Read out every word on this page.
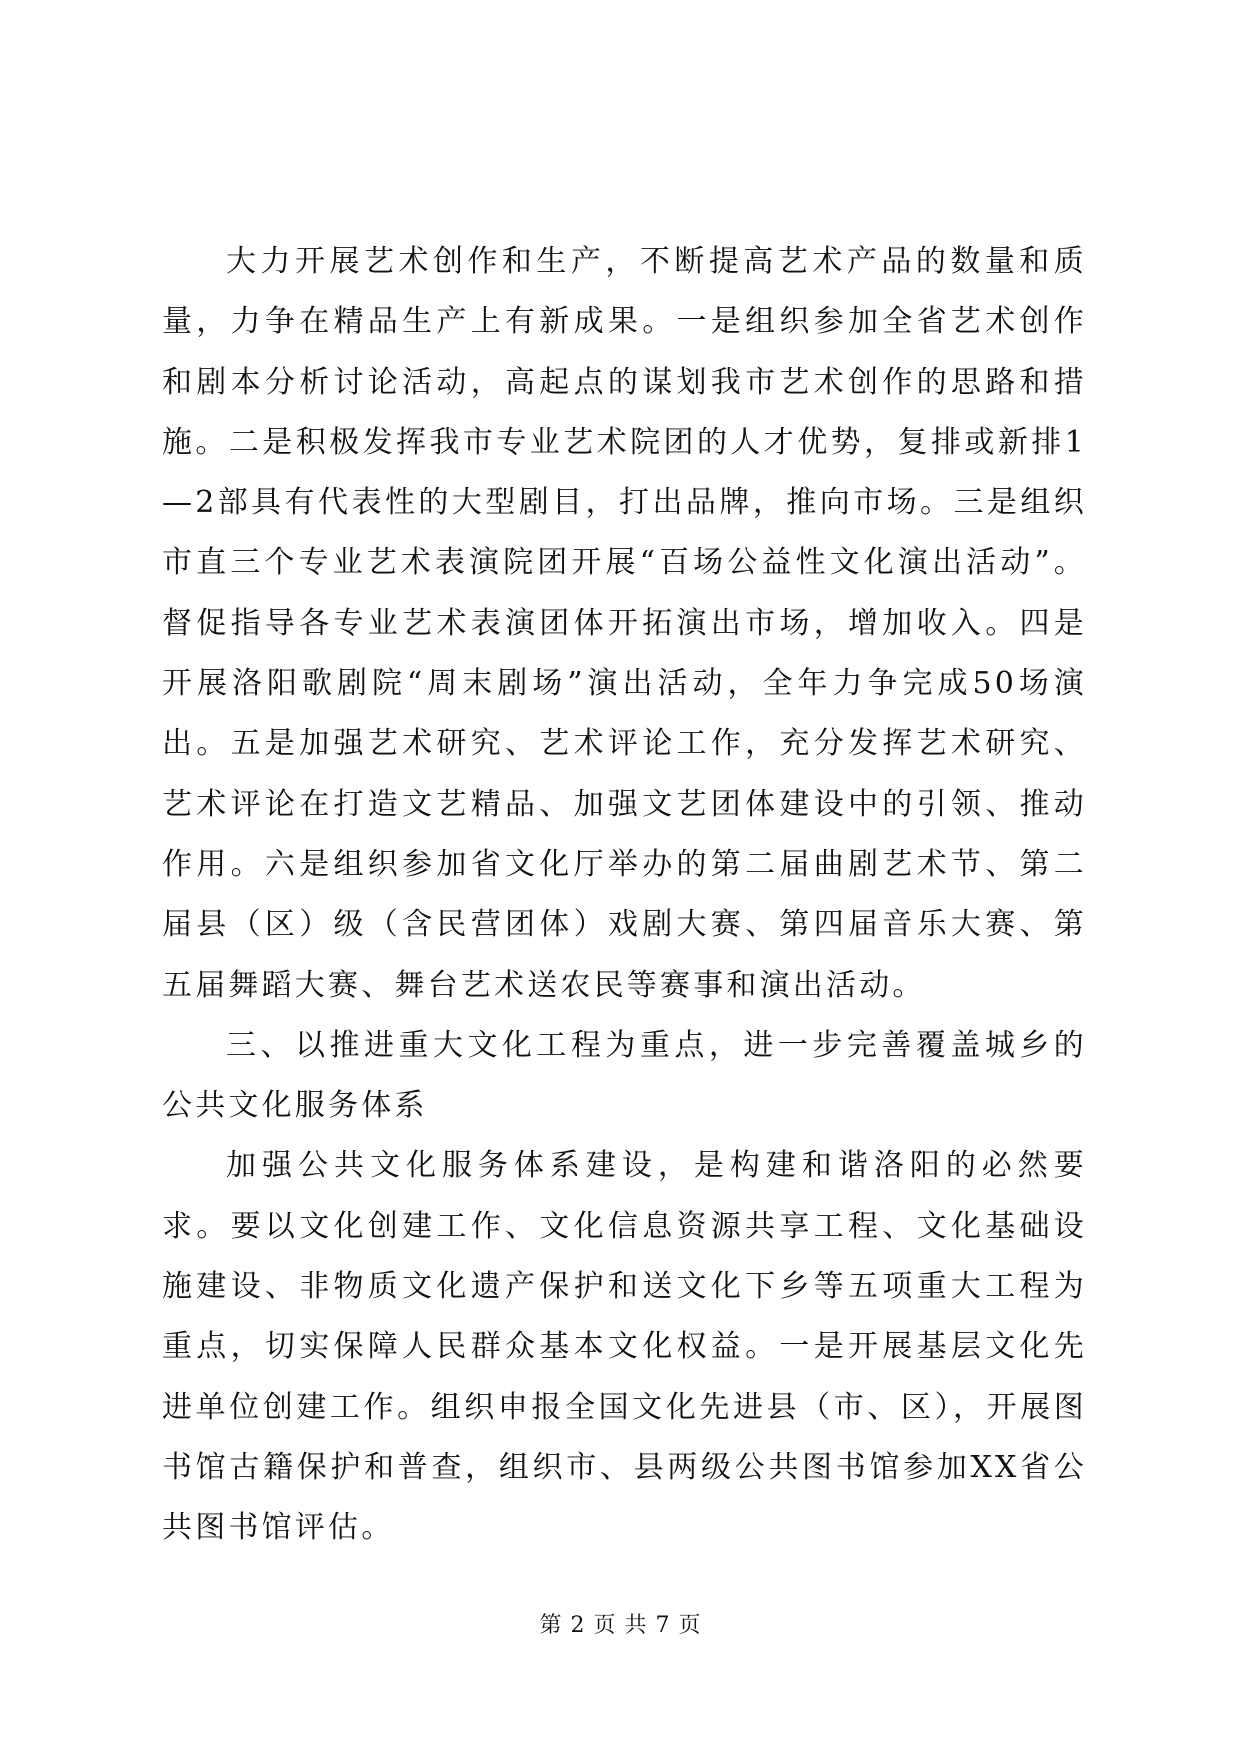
大力开展艺术创作和生产，不断提高艺术产品的数量和质量，力争在精品生产上有新成果。一是组织参加全省艺术创作和剧本分析讨论活动，高起点的谋划我市艺术创作的思路和措施。二是积极发挥我市专业艺术院团的人才优势，复排或新排1—2部具有代表性的大型剧目，打出品牌，推向市场。三是组织市直三个专业艺术表演院团开展“百场公益性文化演出活动”。督促指导各专业艺术表演团体开拓演出市场，增加收入。四是开展洛阳歌剧院“周末剧场”演出活动，全年力争完成50场演出。五是加强艺术研究、艺术评论工作，充分发挥艺术研究、艺术评论在打造文艺精品、加强文艺团体建设中的引领、推动作用。六是组织参加省文化厅举办的第二届曲剧艺术节、第二届县（区）级（含民营团体）戏剧大赛、第四届音乐大赛、第五届舞蹈大赛、舞台艺术送农民等赛事和演出活动。

三、以推进重大文化工程为重点，进一步完善覆盖城乡的公共文化服务体系

加强公共文化服务体系建设，是构建和谐洛阳的必然要求。要以文化创建工作、文化信息资源共享工程、文化基础设施建设、非物质文化遗产保护和送文化下乡等五项重大工程为重点，切实保障人民群众基本文化权益。一是开展基层文化先进单位创建工作。组织申报全国文化先进县（市、区），开展图书馆古籍保护和普查，组织市、县两级公共图书馆参加XX省公共图书馆评估。

第 2 页 共 7 页
